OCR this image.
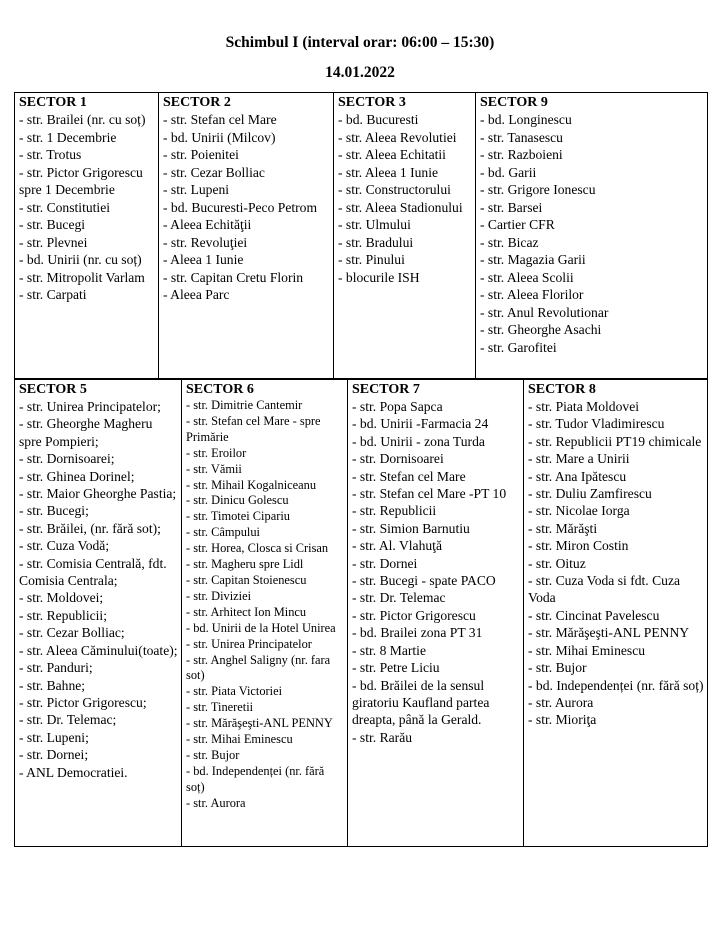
Schimbul I (interval orar: 06:00 – 15:30)
14.01.2022
SECTOR 1
- str. Brailei (nr. cu soț)
- str. 1 Decembrie
- str. Trotus
- str. Pictor Grigorescu spre 1 Decembrie
- str. Constitutiei
- str. Bucegi
- str. Plevnei
- bd. Unirii (nr. cu soț)
- str. Mitropolit Varlam
- str. Carpati

SECTOR 2
- str. Stefan cel Mare
- bd. Unirii (Milcov)
- str. Poienitei
- str. Cezar Bolliac
- str. Lupeni
- bd. Bucuresti-Peco Petrom
- Aleea Echităţii
- str. Revoluţiei
- Aleea 1 Iunie
- str. Capitan Cretu Florin
- Aleea Parc

SECTOR 3
- bd. Bucuresti
- str. Aleea Revolutiei
- str. Aleea Echitatii
- str. Aleea 1 Iunie
- str. Constructorului
- str. Aleea Stadionului
- str. Ulmului
- str. Bradului
- str. Pinului
- blocurile ISH

SECTOR 9
- bd. Longinescu
- str. Tanasescu
- str. Razboieni
- bd. Garii
- str. Grigore Ionescu
- str. Barsei
- Cartier CFR
- str. Bicaz
- str. Magazia Garii
- str. Aleea Scolii
- str. Aleea Florilor
- str. Anul Revolutionar
- str. Gheorghe Asachi
- str. Garofitei
SECTOR 5
- str. Unirea Principatelor;
- str. Gheorghe Magheru spre Pompieri;
- str. Dornisoarei;
- str. Ghinea Dorinel;
- str. Maior Gheorghe Pastia;
- str. Bucegi;
- str. Brăilei, (nr. fără sot);
- str. Cuza Vodă;
- str. Comisia Centrală, fdt. Comisia Centrala;
- str. Moldovei;
- str. Republicii;
- str. Cezar Bolliac;
- str. Aleea Căminului(toate);
- str. Panduri;
- str. Bahne;
- str. Pictor Grigorescu;
- str. Dr. Telemac;
- str. Lupeni;
- str. Dornei;
- ANL Democratiei.

SECTOR 6
- str. Dimitrie Cantemir
- str. Stefan cel Mare - spre Primărie
- str. Eroilor
- str. Vămii
- str. Mihail Kogalniceanu
- str. Dinicu Golescu
- str. Timotei Cipariu
- str. Câmpului
- str. Horea, Closca si Crisan
- str. Magheru spre Lidl
- str. Capitan Stoienescu
- str. Diviziei
- str. Arhitect Ion Mincu
- bd. Unirii de la Hotel Unirea
- str. Unirea Principatelor
- str. Anghel Saligny (nr. fara sot)
- str. Piata Victoriei
- str. Tineretii
- str. Mărăşeşti-ANL PENNY
- str. Mihai Eminescu
- str. Bujor
- bd. Independenței (nr. fără soț)
- str. Aurora

SECTOR 7
- str. Popa Sapca
- bd. Unirii -Farmacia 24
- bd. Unirii - zona Turda
- str. Dornisoarei
- str. Stefan cel Mare
- str. Stefan cel Mare -PT 10
- str. Republicii
- str. Simion Barnutiu
- str. Al. Vlahuţă
- str. Dornei
- str. Bucegi - spate PACO
- str. Dr. Telemac
- str. Pictor Grigorescu
- bd. Brailei zona PT 31
- str. 8 Martie
- str. Petre Liciu
- bd. Brăilei de la sensul giratoriu Kaufland partea dreapta, până la Gerald.
- str. Rarău

SECTOR 8
- str. Piata Moldovei
- str. Tudor Vladimirescu
- str. Republicii PT19 chimicale
- str. Mare a Unirii
- str. Ana Ipătescu
- str. Duliu Zamfirescu
- str. Nicolae Iorga
- str. Mărăşti
- str. Miron Costin
- str. Oituz
- str. Cuza Voda si fdt. Cuza Voda
- str. Cincinat Pavelescu
- str. Mărăşeşti-ANL PENNY
- str. Mihai Eminescu
- str. Bujor
- bd. Independenței (nr. fără soț)
- str. Aurora
- str. Mioriţa
